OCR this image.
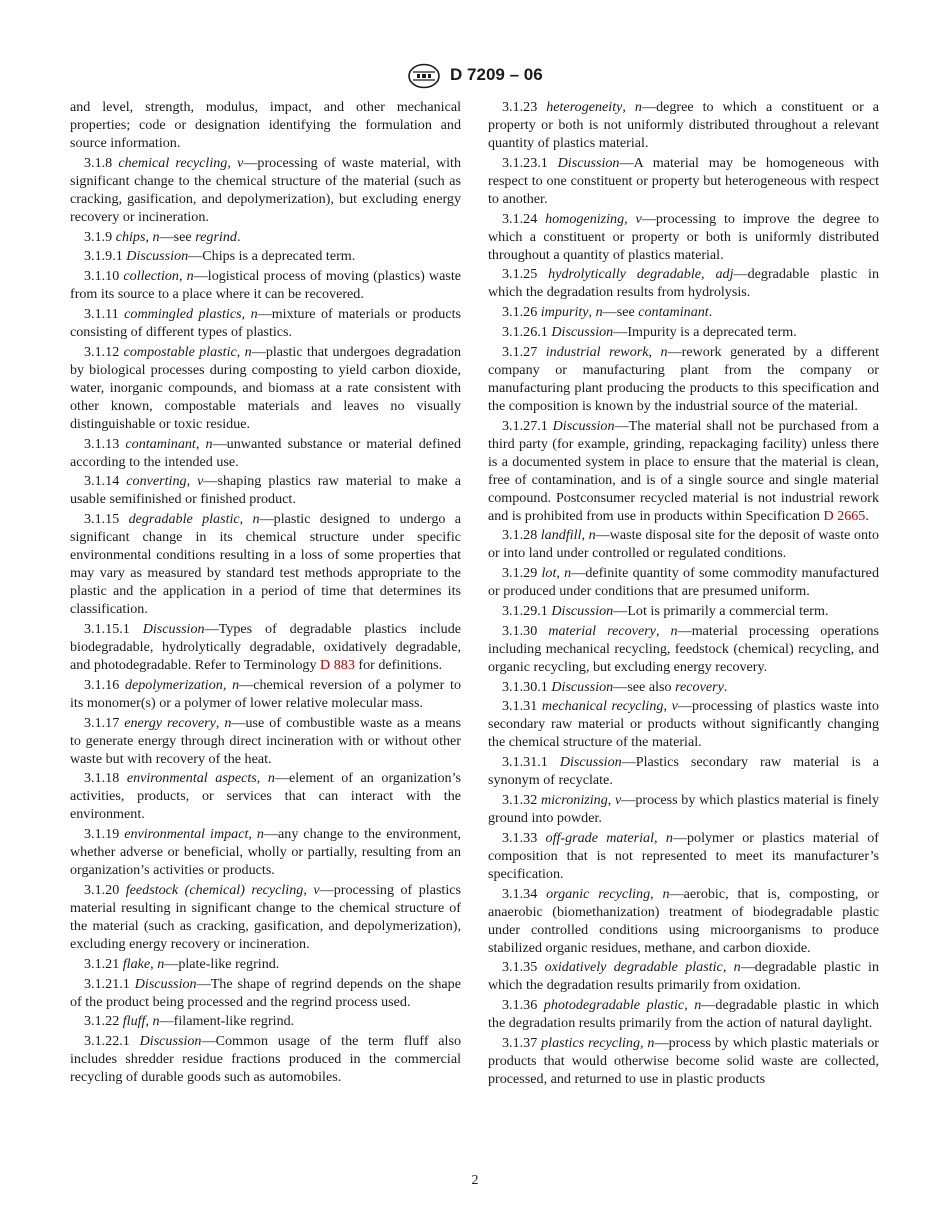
D 7209 – 06

and level, strength, modulus, impact, and other mechanical properties; code or designation identifying the formulation and source information.

3.1.8 chemical recycling, v—processing of waste material, with significant change to the chemical structure of the material (such as cracking, gasification, and depolymerization), but excluding energy recovery or incineration.

3.1.9 chips, n—see regrind.

3.1.9.1 Discussion—Chips is a deprecated term.

3.1.10 collection, n—logistical process of moving (plastics) waste from its source to a place where it can be recovered.

3.1.11 commingled plastics, n—mixture of materials or products consisting of different types of plastics.

3.1.12 compostable plastic, n—plastic that undergoes degradation by biological processes during composting to yield carbon dioxide, water, inorganic compounds, and biomass at a rate consistent with other known, compostable materials and leaves no visually distinguishable or toxic residue.

3.1.13 contaminant, n—unwanted substance or material defined according to the intended use.

3.1.14 converting, v—shaping plastics raw material to make a usable semifinished or finished product.

3.1.15 degradable plastic, n—plastic designed to undergo a significant change in its chemical structure under specific environmental conditions resulting in a loss of some properties that may vary as measured by standard test methods appropriate to the plastic and the application in a period of time that determines its classification.

3.1.15.1 Discussion—Types of degradable plastics include biodegradable, hydrolytically degradable, oxidatively degradable, and photodegradable. Refer to Terminology D 883 for definitions.

3.1.16 depolymerization, n—chemical reversion of a polymer to its monomer(s) or a polymer of lower relative molecular mass.

3.1.17 energy recovery, n—use of combustible waste as a means to generate energy through direct incineration with or without other waste but with recovery of the heat.

3.1.18 environmental aspects, n—element of an organization’s activities, products, or services that can interact with the environment.

3.1.19 environmental impact, n—any change to the environment, whether adverse or beneficial, wholly or partially, resulting from an organization’s activities or products.

3.1.20 feedstock (chemical) recycling, v—processing of plastics material resulting in significant change to the chemical structure of the material (such as cracking, gasification, and depolymerization), excluding energy recovery or incineration.

3.1.21 flake, n—plate-like regrind.

3.1.21.1 Discussion—The shape of regrind depends on the shape of the product being processed and the regrind process used.

3.1.22 fluff, n—filament-like regrind.

3.1.22.1 Discussion—Common usage of the term fluff also includes shredder residue fractions produced in the commercial recycling of durable goods such as automobiles.

3.1.23 heterogeneity, n—degree to which a constituent or a property or both is not uniformly distributed throughout a relevant quantity of plastics material.

3.1.23.1 Discussion—A material may be homogeneous with respect to one constituent or property but heterogeneous with respect to another.

3.1.24 homogenizing, v—processing to improve the degree to which a constituent or property or both is uniformly distributed throughout a quantity of plastics material.

3.1.25 hydrolytically degradable, adj—degradable plastic in which the degradation results from hydrolysis.

3.1.26 impurity, n—see contaminant.

3.1.26.1 Discussion—Impurity is a deprecated term.

3.1.27 industrial rework, n—rework generated by a different company or manufacturing plant from the company or manufacturing plant producing the products to this specification and the composition is known by the industrial source of the material.

3.1.27.1 Discussion—The material shall not be purchased from a third party (for example, grinding, repackaging facility) unless there is a documented system in place to ensure that the material is clean, free of contamination, and is of a single source and single material compound. Postconsumer recycled material is not industrial rework and is prohibited from use in products within Specification D 2665.

3.1.28 landfill, n—waste disposal site for the deposit of waste onto or into land under controlled or regulated conditions.

3.1.29 lot, n—definite quantity of some commodity manufactured or produced under conditions that are presumed uniform.

3.1.29.1 Discussion—Lot is primarily a commercial term.

3.1.30 material recovery, n—material processing operations including mechanical recycling, feedstock (chemical) recycling, and organic recycling, but excluding energy recovery.

3.1.30.1 Discussion—see also recovery.

3.1.31 mechanical recycling, v—processing of plastics waste into secondary raw material or products without significantly changing the chemical structure of the material.

3.1.31.1 Discussion—Plastics secondary raw material is a synonym of recyclate.

3.1.32 micronizing, v—process by which plastics material is finely ground into powder.

3.1.33 off-grade material, n—polymer or plastics material of composition that is not represented to meet its manufacturer’s specification.

3.1.34 organic recycling, n—aerobic, that is, composting, or anaerobic (biomethanization) treatment of biodegradable plastic under controlled conditions using microorganisms to produce stabilized organic residues, methane, and carbon dioxide.

3.1.35 oxidatively degradable plastic, n—degradable plastic in which the degradation results primarily from oxidation.

3.1.36 photodegradable plastic, n—degradable plastic in which the degradation results primarily from the action of natural daylight.

3.1.37 plastics recycling, n—process by which plastic materials or products that would otherwise become solid waste are collected, processed, and returned to use in plastic products

2
